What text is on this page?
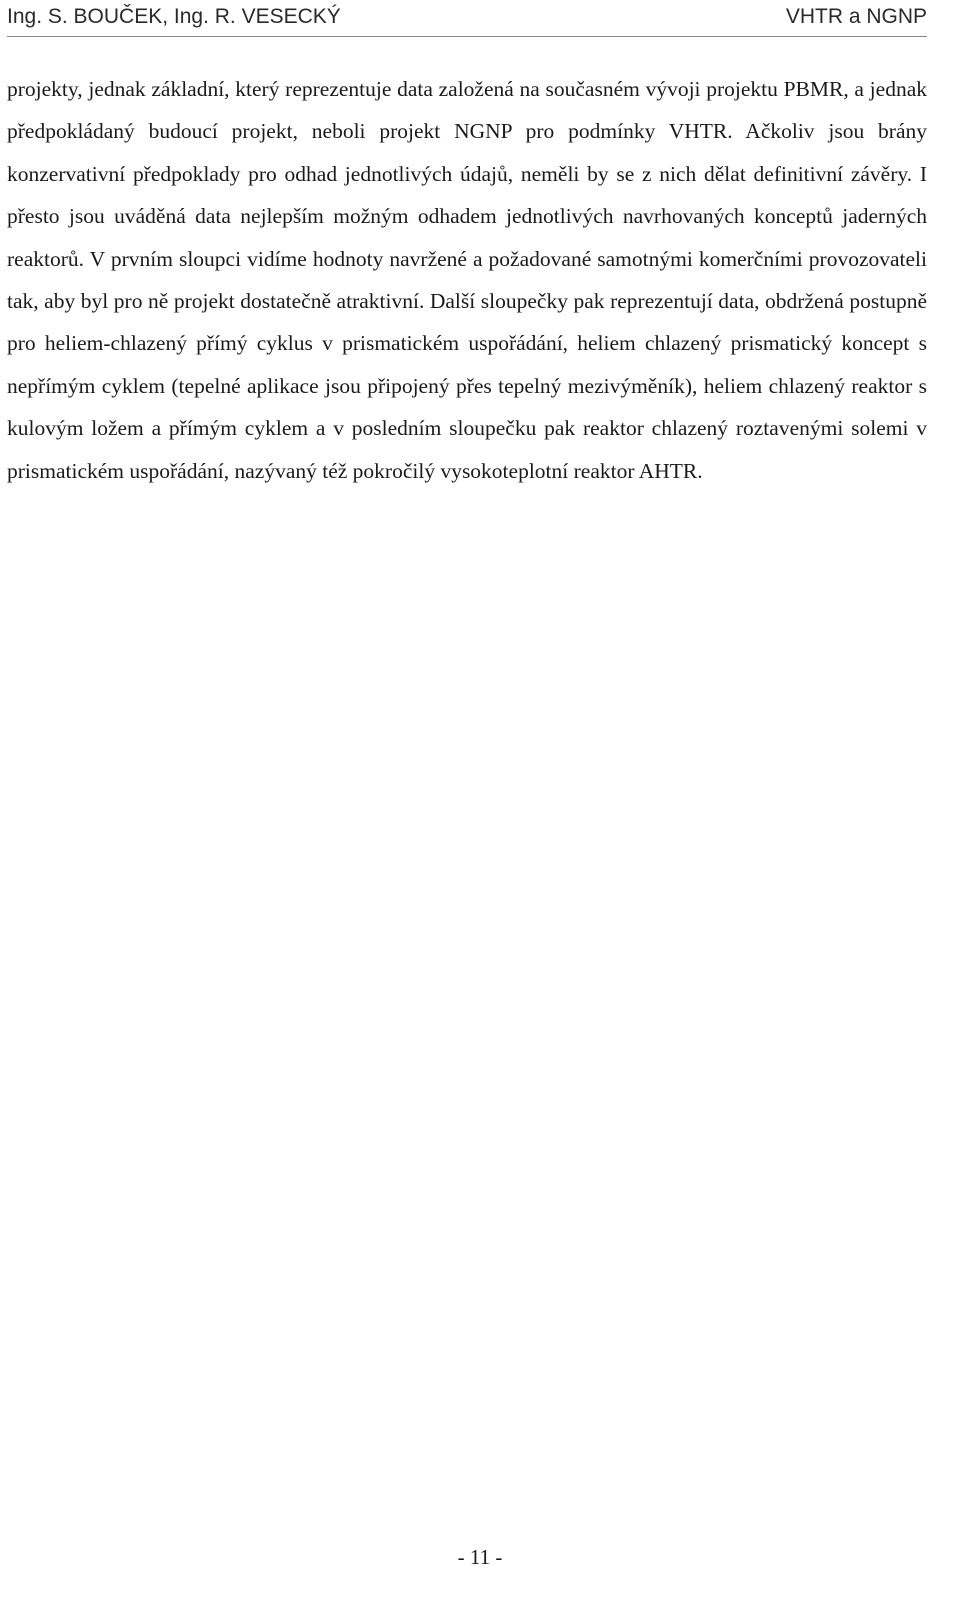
Ing. S. BOUČEK, Ing. R. VESECKÝ	VHTR a NGNP

projekty, jednak základní, který reprezentuje data založená na současném vývoji projektu PBMR, a jednak předpokládaný budoucí projekt, neboli projekt NGNP pro podmínky VHTR. Ačkoliv jsou brány konzervativní předpoklady pro odhad jednotlivých údajů, neměli by se z nich dělat definitivní závěry. I přesto jsou uváděná data nejlepším možným odhadem jednotlivých navrhovaných konceptů jaderných reaktorů. V prvním sloupci vidíme hodnoty navržené a požadované samotnými komerčními provozovateli tak, aby byl pro ně projekt dostatečně atraktivní. Další sloupečky pak reprezentují data, obdržená postupně pro heliem-chlazený přímý cyklus v prismatickém uspořádání, heliem chlazený prismatický koncept s nepřímým cyklem (tepelné aplikace jsou připojený přes tepelný mezivýměník), heliem chlazený reaktor s kulovým ložem a přímým cyklem a v posledním sloupečku pak reaktor chlazený roztavenými solemi v prismatickém uspořádání, nazývaný též pokročilý vysokoteplotní reaktor AHTR.

- 11 -
